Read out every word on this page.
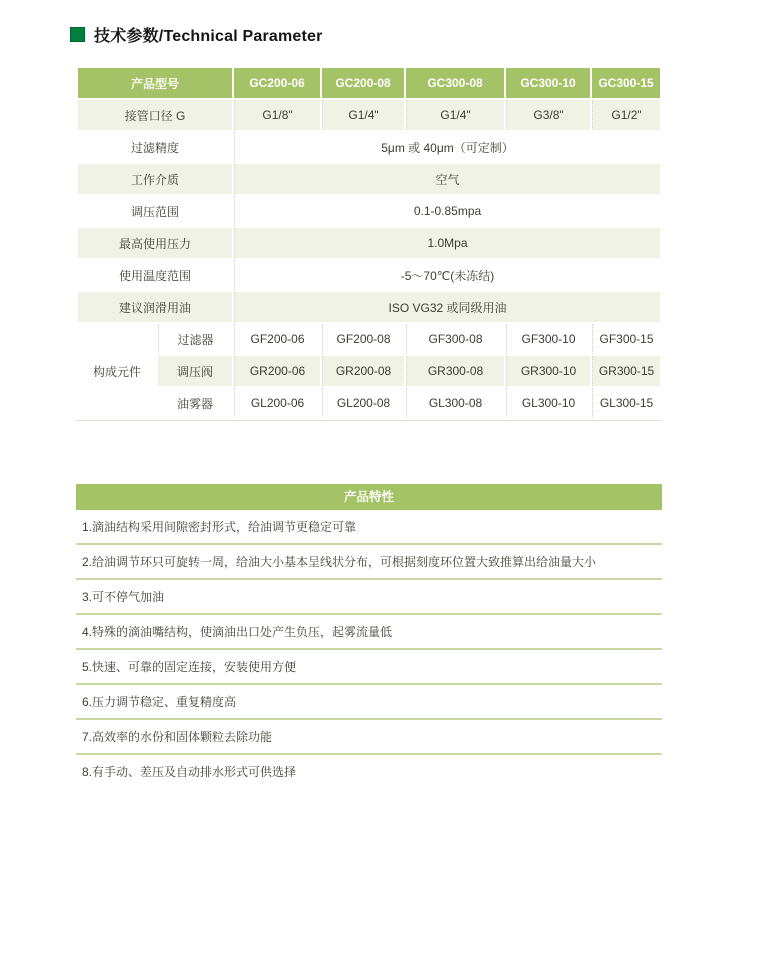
技术参数/Technical Parameter
产品型号		GC200-06	GC200-08	GC300-08	GC300-10	GC300-15
接管口径 G		G1/8"	G1/4"	G1/4"	G3/8"	G1/2"
过滤精度		5μm 或 40μm（可定制）				
工作介质		空气				
调压范围		0.1-0.85mpa				
最高使用压力		1.0Mpa				
使用温度范围		-5～70℃(未冻结)				
建议润滑用油		ISO VG32 或同级用油				
构成元件	过滤器	GF200-06	GF200-08	GF300-08	GF300-10	GF300-15
	调压阀	GR200-06	GR200-08	GR300-08	GR300-10	GR300-15
	油雾器	GL200-06	GL200-08	GL300-08	GL300-10	GL300-15
产品特性
1.滴油结构采用间隙密封形式，给油调节更稳定可靠
2.给油调节环只可旋转一周，给油大小基本呈线状分布，可根据刻度环位置大致推算出给油量大小
3.可不停气加油
4.特殊的滴油嘴结构，使滴油出口处产生负压，起雾流量低
5.快速、可靠的固定连接，安装使用方便
6.压力调节稳定、重复精度高
7.高效率的水份和固体颗粒去除功能
8.有手动、差压及自动排水形式可供选择
